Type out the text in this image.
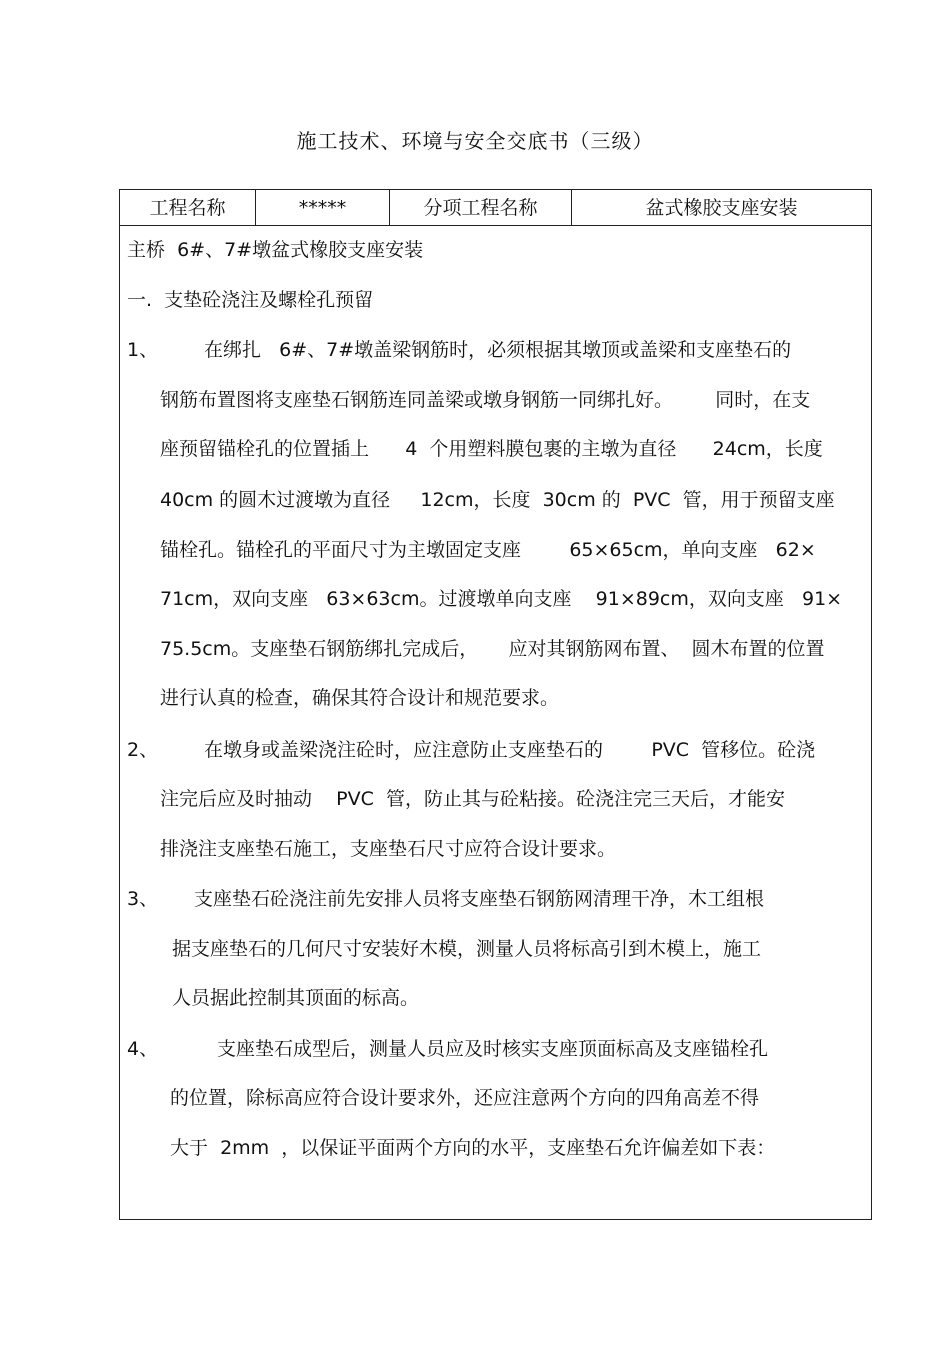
施工技术、环境与安全交底书（三级）
工程名称	*****	分项工程名称	盆式橡胶支座安装
主桥  6#、7#墩盆式橡胶支座安装
一.  支垫砼浇注及螺栓孔预留
1、 在绑扎   6#、7#墩盖梁钢筋时，必须根据其墩顶或盖梁和支座垫石的
钢筋布置图将支座垫石钢筋连同盖梁或墩身钢筋一同绑扎好。       同时，在支
座预留锚栓孔的位置插上      4  个用塑料膜包裹的主墩为直径      24cm，长度
40cm 的圆木过渡墩为直径     12cm，长度  30cm 的  PVC  管，用于预留支座
锚栓孔。锚栓孔的平面尺寸为主墩固定支座        65×65cm，单向支座   62×
71cm，双向支座   63×63cm。过渡墩单向支座    91×89cm，双向支座   91×
75.5cm。支座垫石钢筋绑扎完成后，     应对其钢筋网布置、  圆木布置的位置
进行认真的检查，确保其符合设计和规范要求。
2、 在墩身或盖梁浇注砼时，应注意防止支座垫石的        PVC  管移位。砼浇
注完后应及时抽动    PVC  管，防止其与砼粘接。砼浇注完三天后，才能安
排浇注支座垫石施工，支座垫石尺寸应符合设计要求。
3、 支座垫石砼浇注前先安排人员将支座垫石钢筋网清理干净，木工组根
据支座垫石的几何尺寸安装好木模，测量人员将标高引到木模上，施工
人员据此控制其顶面的标高。
4、	支座垫石成型后，测量人员应及时核实支座顶面标高及支座锚栓孔
的位置，除标高应符合设计要求外，还应注意两个方向的四角高差不得
大于  2mm  ，以保证平面两个方向的水平，支座垫石允许偏差如下表：
